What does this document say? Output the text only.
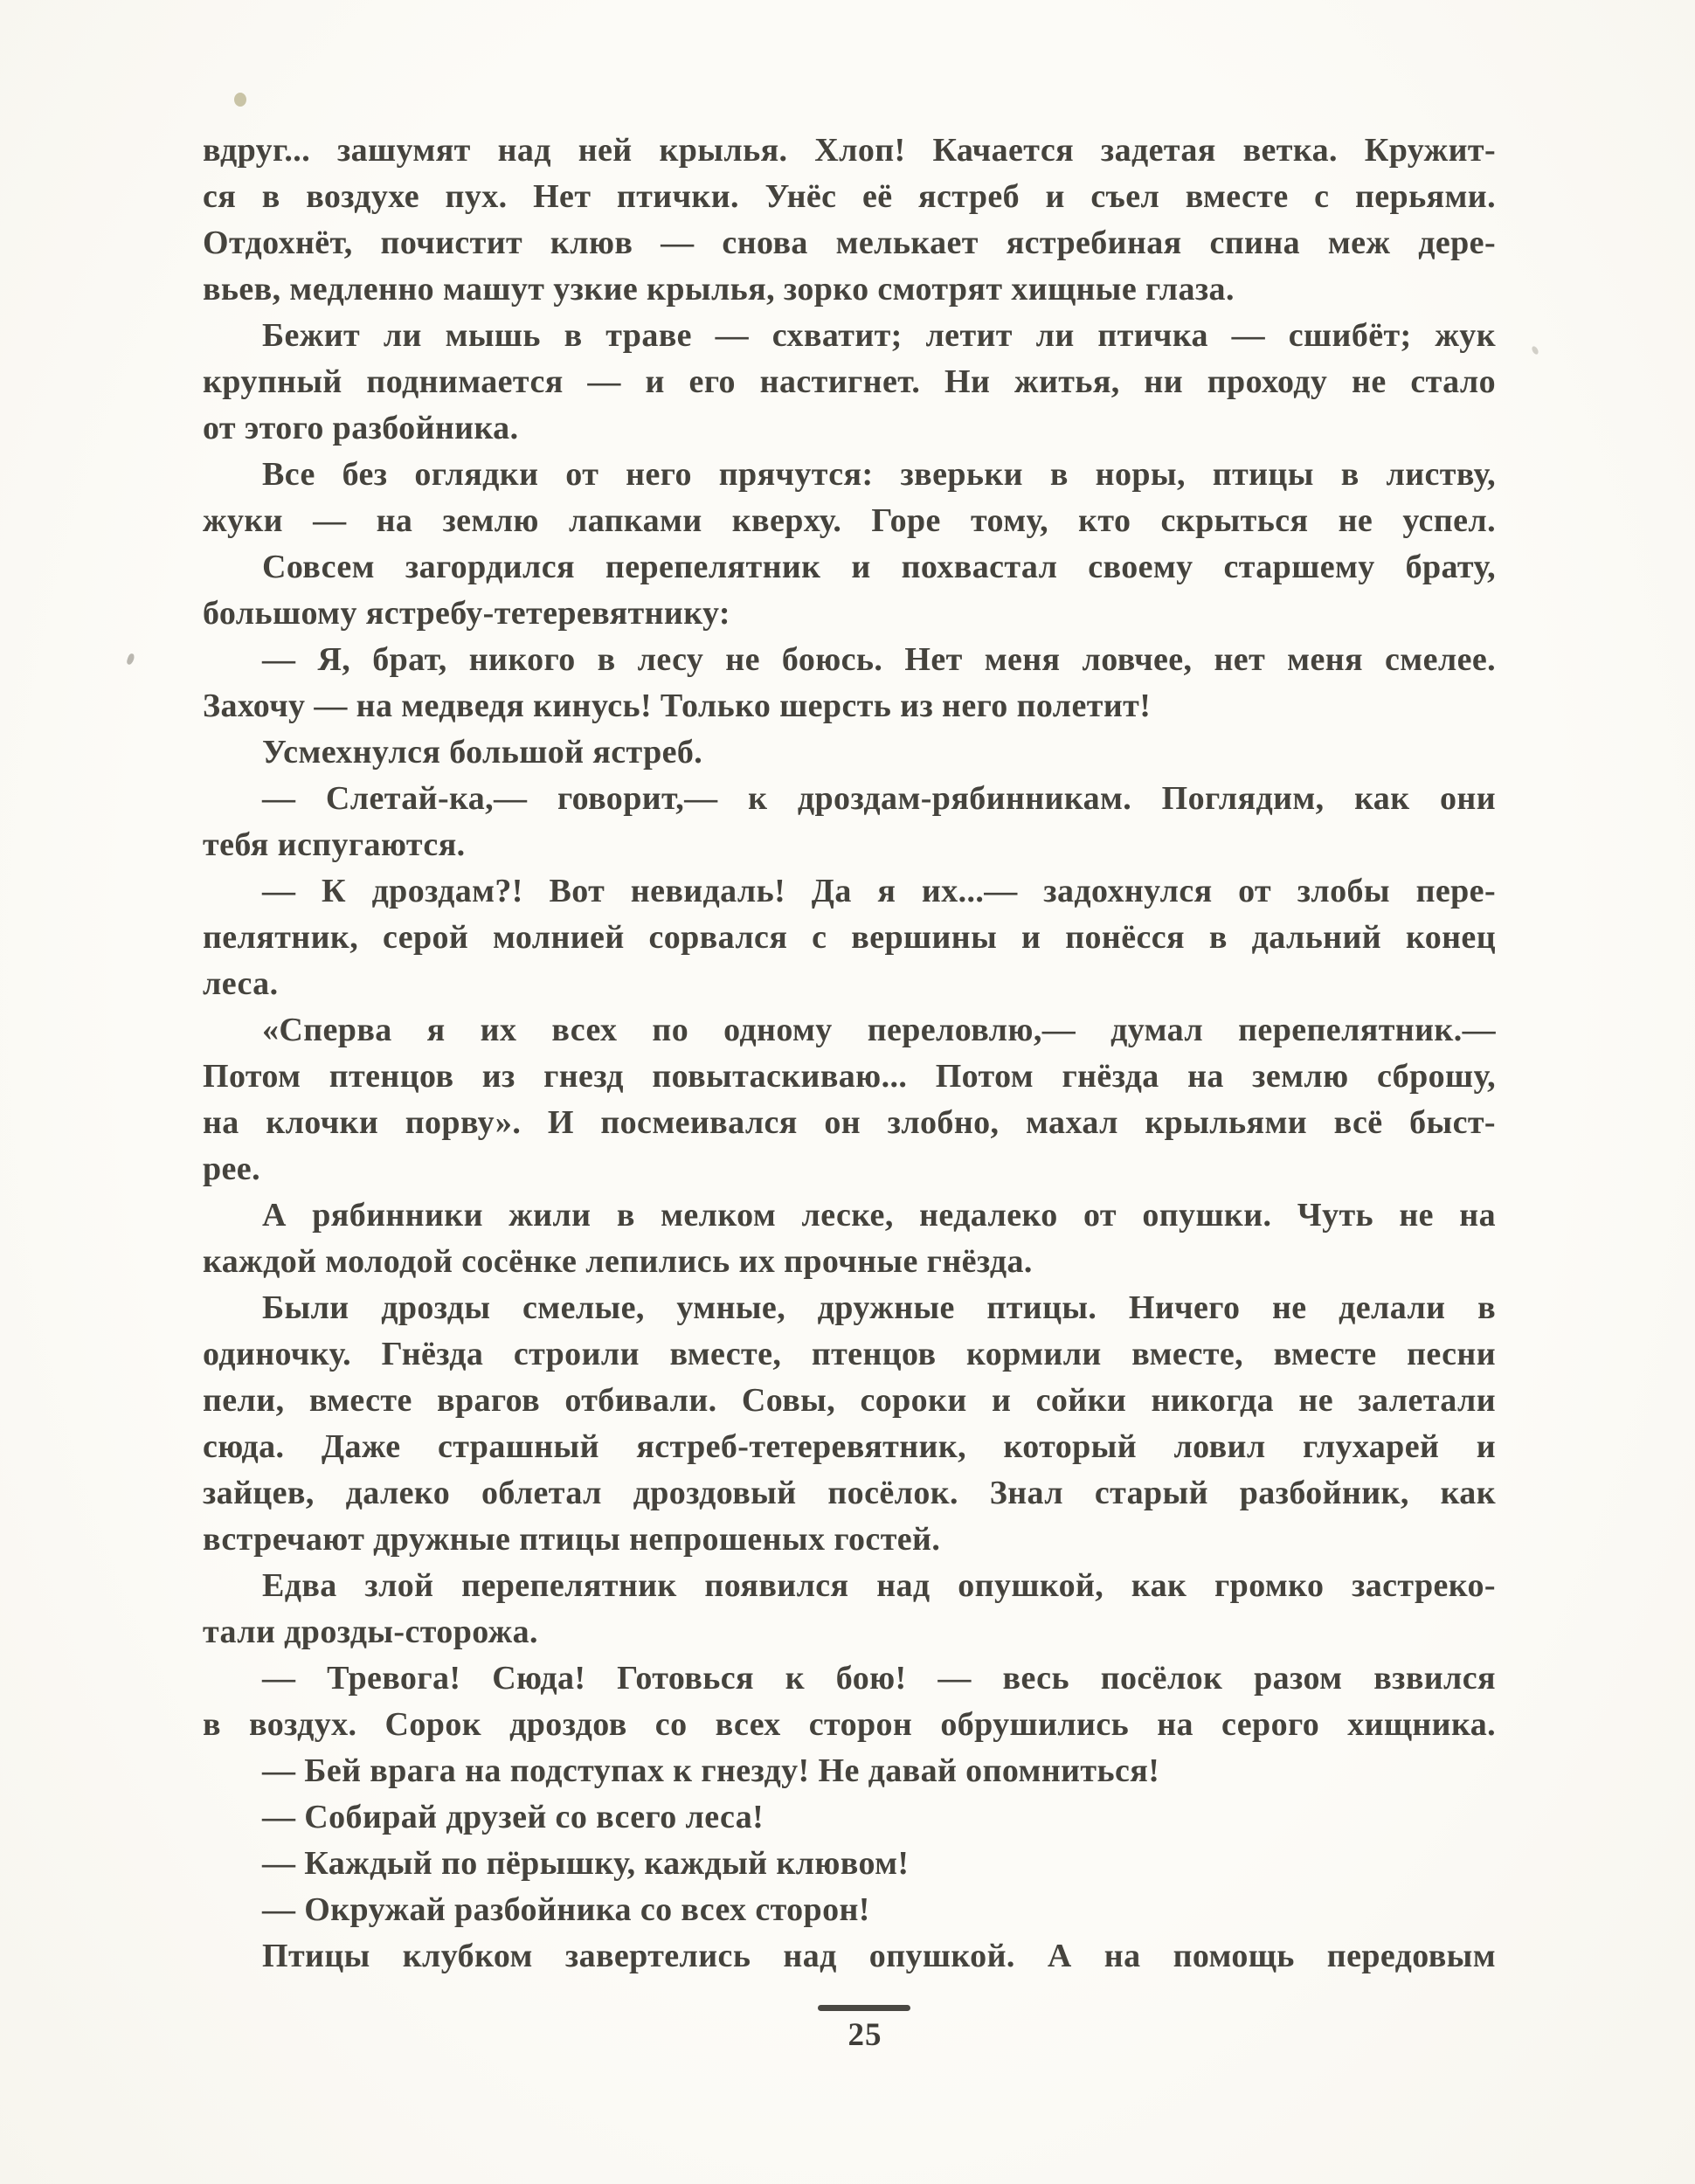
вдруг... зашумят над ней крылья. Хлоп! Качается задетая ветка. Кружит-
ся в воздухе пух. Нет птички. Унёс её ястреб и съел вместе с перьями.
Отдохнёт, почистит клюв — снова мелькает ястребиная спина меж дере-
вьев, медленно машут узкие крылья, зорко смотрят хищные глаза.
Бежит ли мышь в траве — схватит; летит ли птичка — сшибёт; жук
крупный поднимается — и его настигнет. Ни житья, ни проходу не стало
от этого разбойника.
Все без оглядки от него прячутся: зверьки в норы, птицы в листву,
жуки — на землю лапками кверху. Горе тому, кто скрыться не успел.
Совсем загордился перепелятник и похвастал своему старшему брату,
большому ястребу-тетеревятнику:
— Я, брат, никого в лесу не боюсь. Нет меня ловчее, нет меня смелее.
Захочу — на медведя кинусь! Только шерсть из него полетит!
Усмехнулся большой ястреб.
— Слетай-ка,— говорит,— к дроздам-рябинникам. Поглядим, как они
тебя испугаются.
— К дроздам?! Вот невидаль! Да я их...— задохнулся от злобы пере-
пелятник, серой молнией сорвался с вершины и понёсся в дальний конец
леса.
«Сперва я их всех по одному переловлю,— думал перепелятник.—
Потом птенцов из гнезд повытаскиваю... Потом гнёзда на землю сброшу,
на клочки порву». И посмеивался он злобно, махал крыльями всё быст-
рее.
А рябинники жили в мелком леске, недалеко от опушки. Чуть не на
каждой молодой сосёнке лепились их прочные гнёзда.
Были дрозды смелые, умные, дружные птицы. Ничего не делали в
одиночку. Гнёзда строили вместе, птенцов кормили вместе, вместе песни
пели, вместе врагов отбивали. Совы, сороки и сойки никогда не залетали
сюда. Даже страшный ястреб-тетеревятник, который ловил глухарей и
зайцев, далеко облетал дроздовый посёлок. Знал старый разбойник, как
встречают дружные птицы непрошеных гостей.
Едва злой перепелятник появился над опушкой, как громко застреко-
тали дрозды-сторожа.
— Тревога! Сюда! Готовься к бою! — весь посёлок разом взвился
в воздух. Сорок дроздов со всех сторон обрушились на серого хищника.
— Бей врага на подступах к гнезду! Не давай опомниться!
— Собирай друзей со всего леса!
— Каждый по пёрышку, каждый клювом!
— Окружай разбойника со всех сторон!
Птицы клубком завертелись над опушкой. А на помощь передовым
25
